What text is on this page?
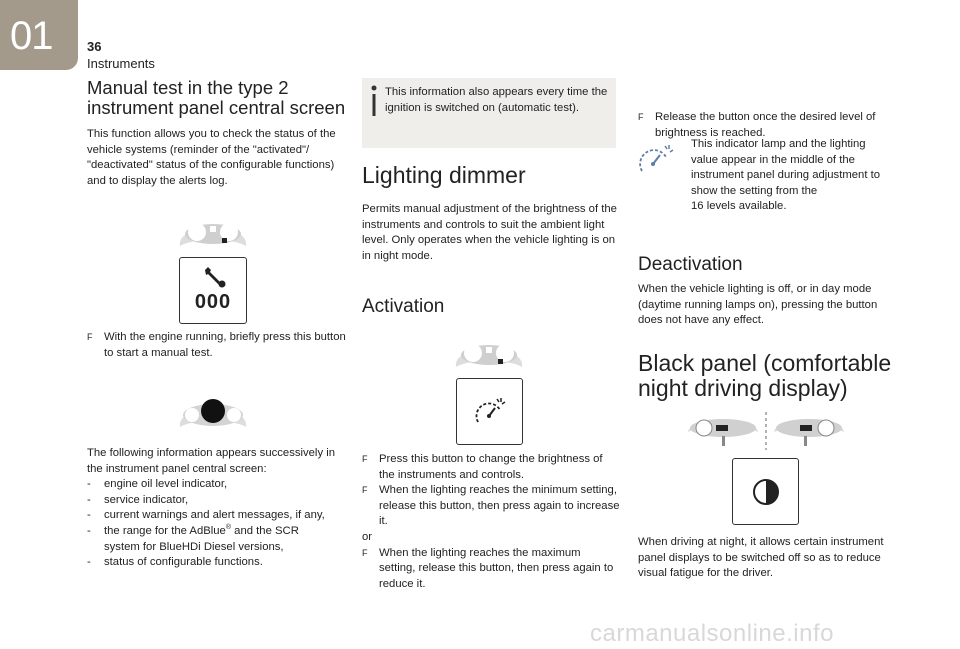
01	36
Instruments
Manual test in the type 2
instrument panel central screen
This function allows you to check the status of the vehicle systems (reminder of the "activated"/ "deactivated" status of the configurable functions) and to display the alerts log.
000
F With the engine running, briefly press this button to start a manual test.
The following information appears successively in the instrument panel central screen:
- engine oil level indicator,
- service indicator,
- current warnings and alert messages, if any,
- the range for the AdBlue® and the SCR
system for BlueHDi Diesel versions,
- status of configurable functions.
This information also appears every time the ignition is switched on (automatic test).
Lighting dimmer
Permits manual adjustment of the brightness of the instruments and controls to suit the ambient light level. Only operates when the vehicle lighting is on in night mode.
Activation
F Press this button to change the brightness of the instruments and controls.
F When the lighting reaches the minimum setting, release this button, then press again to increase it.
or
F When the lighting reaches the maximum setting, release this button, then press again to reduce it.
F Release the button once the desired level of brightness is reached.
This indicator lamp and the lighting value appear in the middle of the instrument panel during adjustment to show the setting from the
16 levels available.
Deactivation
When the vehicle lighting is off, or in day mode (daytime running lamps on), pressing the button does not have any effect.
Black panel (comfortable
night driving display)
When driving at night, it allows certain instrument panel displays to be switched off so as to reduce visual fatigue for the driver.
carmanualsonline.info
